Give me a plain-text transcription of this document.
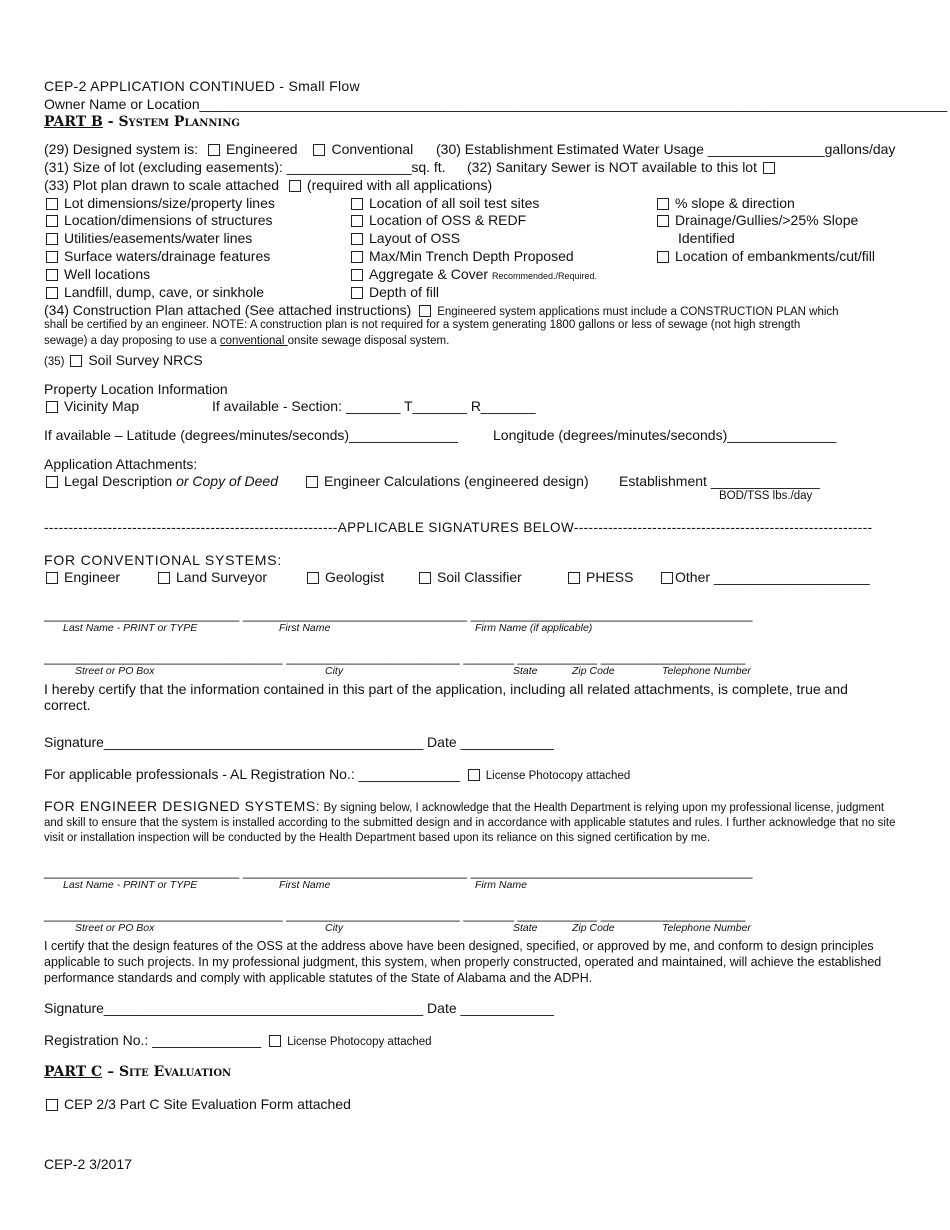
CEP-2 APPLICATION CONTINUED - Small Flow
Owner Name or Location________________________________________________________________________________________________
PART B - System Planning
(29) Designed system is: Engineered Conventional (30) Establishment Estimated Water Usage _______________gallons/day
(31) Size of lot (excluding easements): ________________sq. ft. (32) Sanitary Sewer is NOT available to this lot
(33) Plot plan drawn to scale attached (required with all applications)
Lot dimensions/size/property lines
Location/dimensions of structures
Utilities/easements/water lines
Surface waters/drainage features
Well locations
Landfill, dump, cave, or sinkhole
Location of all soil test sites
Location of OSS & REDF
Layout of OSS
Max/Min Trench Depth Proposed
Aggregate & Cover Recommended./Required.
Depth of fill
% slope & direction
Drainage/Gullies/>25% Slope
Identified
Location of embankments/cut/fill
(34) Construction Plan attached (See attached instructions) Engineered system applications must include a CONSTRUCTION PLAN which
shall be certified by an engineer. NOTE: A construction plan is not required for a system generating 1800 gallons or less of sewage (not high strength
sewage) a day proposing to use a conventional onsite sewage disposal system.
(35) Soil Survey NRCS
Property Location Information
Vicinity Map	If available - Section: _______ T_______ R_______
If available – Latitude (degrees/minutes/seconds)______________ Longitude (degrees/minutes/seconds)______________
Application Attachments:
Legal Description or Copy of Deed	Engineer Calculations (engineered design) Establishment ______________
BOD/TSS lbs./day
------------------------------------------------------------APPLICABLE SIGNATURES BELOW-------------------------------------------------------------
FOR CONVENTIONAL SYSTEMS:
Engineer	Land Surveyor	Geologist	Soil Classifier	PHESS	Other ____________________
___________________________ _______________________________ _______________________________________
Last Name - PRINT or TYPE	First Name	Firm Name (if applicable)
_________________________________ ________________________ _______ ___________ ____________________
Street or PO Box	City	State	Zip Code	Telephone Number
I hereby certify that the information contained in this part of the application, including all related attachments, is complete, true and correct.
Signature_________________________________________ Date ____________
For applicable professionals - AL Registration No.: _____________ License Photocopy attached
FOR ENGINEER DESIGNED SYSTEMS: By signing below, I acknowledge that the Health Department is relying upon my professional license, judgment and skill to ensure that the system is installed according to the submitted design and in accordance with applicable statutes and rules. I further acknowledge that no site visit or installation inspection will be conducted by the Health Department based upon its reliance on this signed certification by me.
___________________________ _______________________________ _______________________________________
Last Name - PRINT or TYPE	First Name	Firm Name
_________________________________ ________________________ _______ ___________ ____________________
Street or PO Box	City	State	Zip Code	Telephone Number
I certify that the design features of the OSS at the address above have been designed, specified, or approved by me, and conform to design principles applicable to such projects. In my professional judgment, this system, when properly constructed, operated and maintained, will achieve the established performance standards and comply with applicable statutes of the State of Alabama and the ADPH.
Signature_________________________________________ Date ____________
Registration No.: ______________ License Photocopy attached
PART C – Site Evaluation
CEP 2/3 Part C Site Evaluation Form attached
CEP-2 3/2017
